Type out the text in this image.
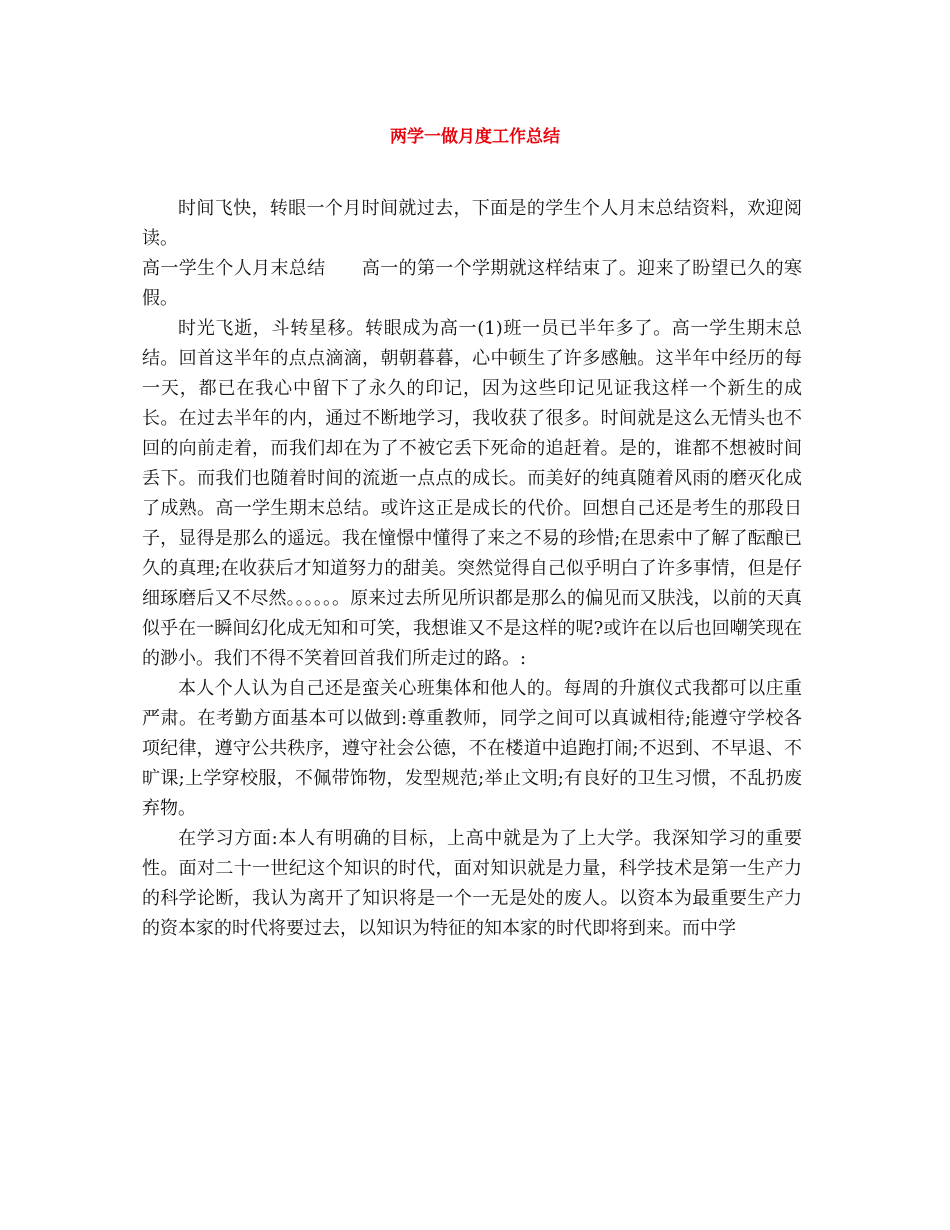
两学一做月度工作总结

时间飞快，转眼一个月时间就过去，下面是的学生个人月末总结资料，欢迎阅读。

高一学生个人月末总结 高一的第一个学期就这样结束了。迎来了盼望已久的寒假。

时光飞逝，斗转星移。转眼成为高一(1)班一员已半年多了。高一学生期末总结。回首这半年的点点滴滴，朝朝暮暮，心中顿生了许多感触。这半年中经历的每一天，都已在我心中留下了永久的印记，因为这些印记见证我这样一个新生的成长。在过去半年的内，通过不断地学习，我收获了很多。时间就是这么无情头也不回的向前走着，而我们却在为了不被它丢下死命的追赶着。是的，谁都不想被时间丢下。而我们也随着时间的流逝一点点的成长。而美好的纯真随着风雨的磨灭化成了成熟。高一学生期末总结。或许这正是成长的代价。回想自己还是考生的那段日子，显得是那么的遥远。我在憧憬中懂得了来之不易的珍惜;在思索中了解了酝酿已久的真理;在收获后才知道努力的甜美。突然觉得自己似乎明白了许多事情，但是仔细琢磨后又不尽然。。。。。。原来过去所见所识都是那么的偏见而又肤浅，以前的天真似乎在一瞬间幻化成无知和可笑，我想谁又不是这样的呢?或许在以后也回嘲笑现在的渺小。我们不得不笑着回首我们所走过的路。:

本人个人认为自己还是蛮关心班集体和他人的。每周的升旗仪式我都可以庄重严肃。在考勤方面基本可以做到:尊重教师，同学之间可以真诚相待;能遵守学校各项纪律，遵守公共秩序，遵守社会公德，不在楼道中追跑打闹;不迟到、不早退、不旷课;上学穿校服，不佩带饰物，发型规范;举止文明;有良好的卫生习惯，不乱扔废弃物。

在学习方面:本人有明确的目标，上高中就是为了上大学。我深知学习的重要性。面对二十一世纪这个知识的时代，面对知识就是力量，科学技术是第一生产力的科学论断，我认为离开了知识将是一个一无是处的废人。以资本为最重要生产力的资本家的时代将要过去，以知识为特征的知本家的时代即将到来。而中学
